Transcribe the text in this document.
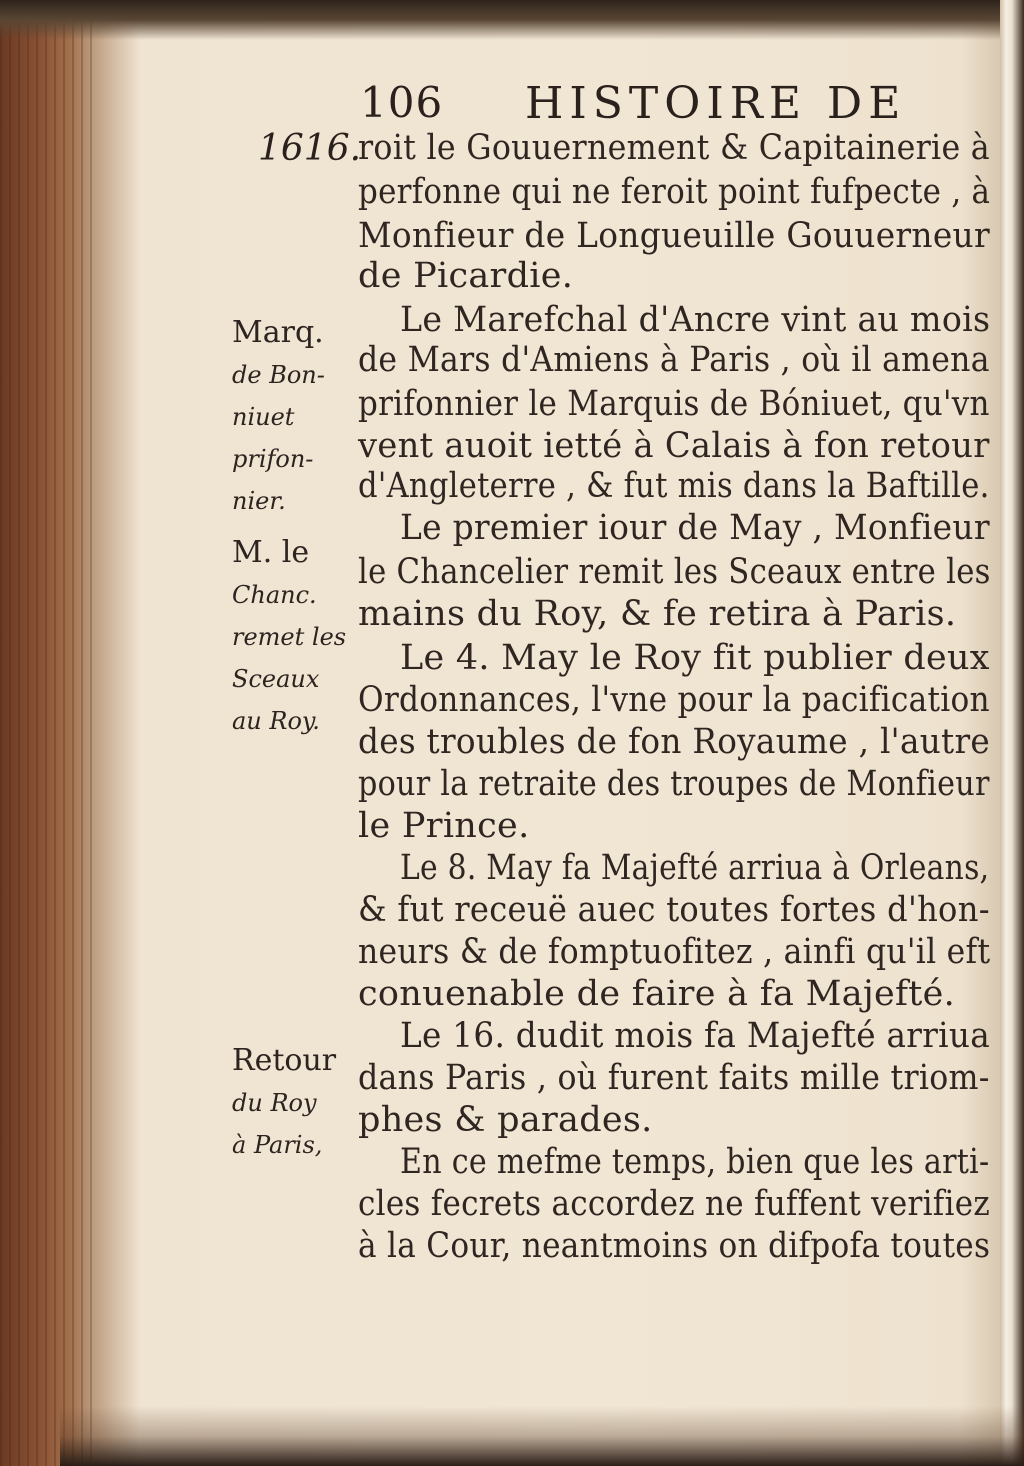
106 HISTOIRE DE
1616.
Marq.
de Bon-
niuet
prifon-
nier.
M. le
Chanc.
remet les
Sceaux
au Roy.
Retour
du Roy
à Paris,
roit le Gouuernement & Capitainerie à
perfonne qui ne feroit point fufpecte , à
Monfieur de Longueuille Gouuerneur
de Picardie.
Le Marefchal d'Ancre vint au mois
de Mars d'Amiens à Paris , où il amena
prifonnier le Marquis de Bóniuet, qu'vn
vent auoit ietté à Calais à fon retour
d'Angleterre , & fut mis dans la Baftille.
Le premier iour de May , Monfieur
le Chancelier remit les Sceaux entre les
mains du Roy, & fe retira à Paris.
Le 4. May le Roy fit publier deux
Ordonnances, l'vne pour la pacification
des troubles de fon Royaume , l'autre
pour la retraite des troupes de Monfieur
le Prince.
Le 8. May fa Majefté arriua à Orleans,
& fut receuë auec toutes fortes d'hon-
neurs & de fomptuofitez , ainfi qu'il eft
conuenable de faire à fa Majefté.
Le 16. dudit mois fa Majefté arriua
dans Paris , où furent faits mille triom-
phes & parades.
En ce mefme temps, bien que les arti-
cles fecrets accordez ne fuffent verifiez
à la Cour, neantmoins on difpofa toutes
